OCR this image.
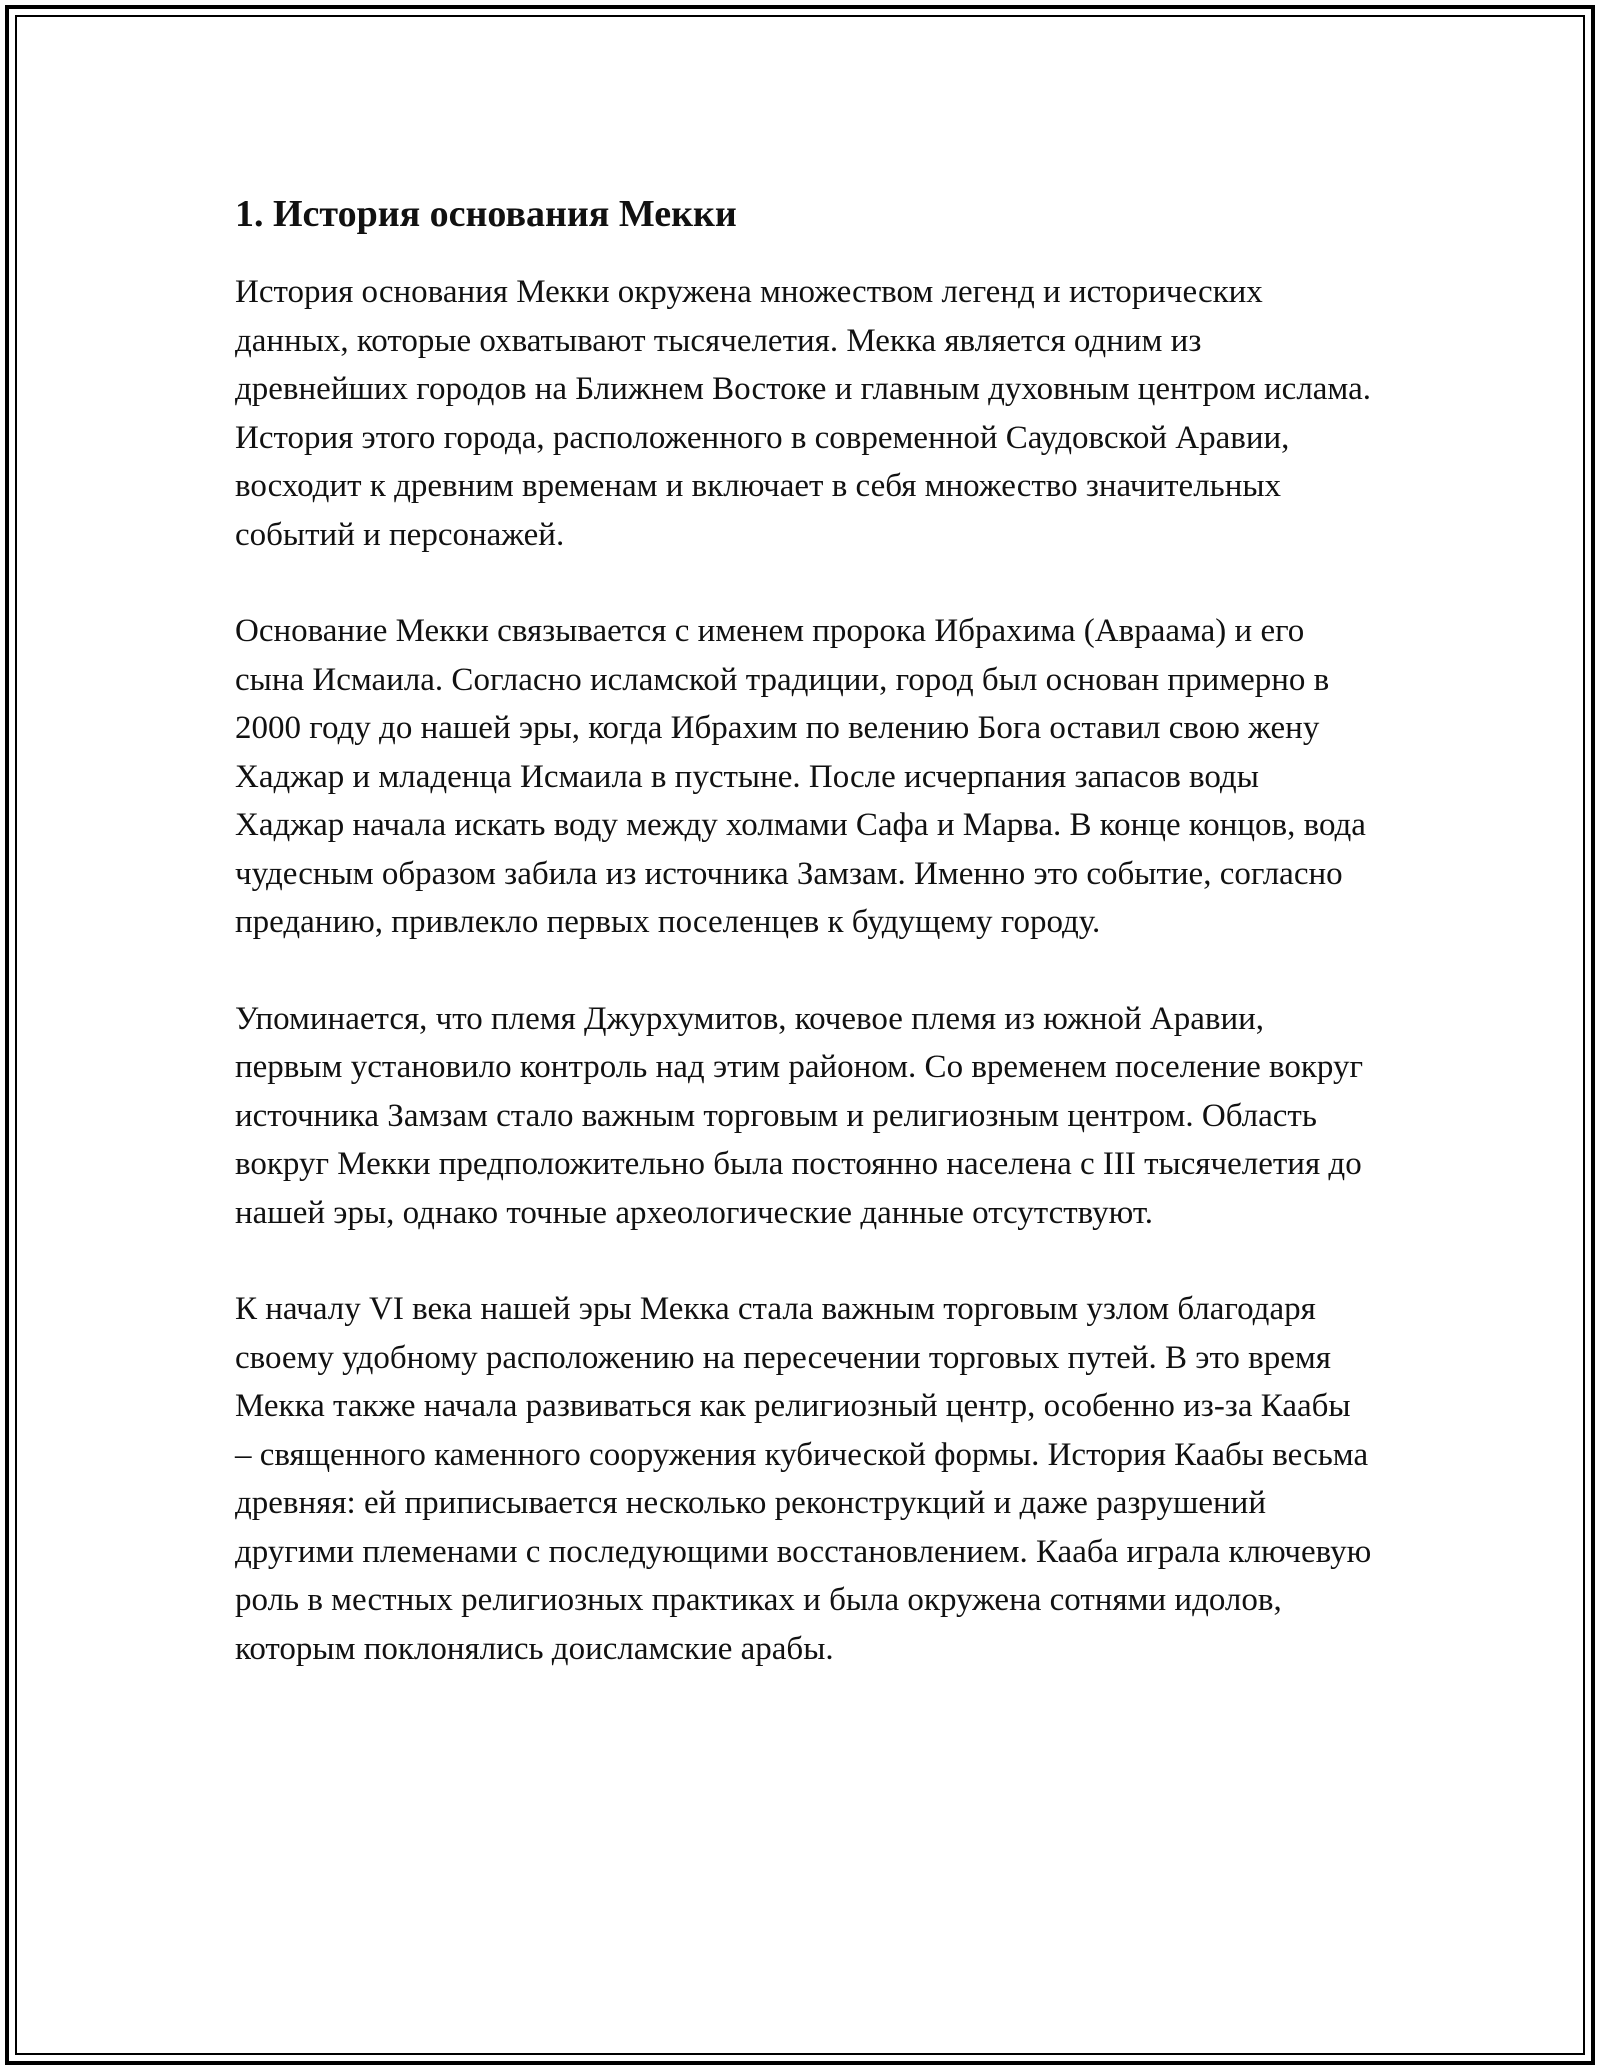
1. История основания Мекки

История основания Мекки окружена множеством легенд и исторических данных, которые охватывают тысячелетия. Мекка является одним из древнейших городов на Ближнем Востоке и главным духовным центром ислама. История этого города, расположенного в современной Саудовской Аравии, восходит к древним временам и включает в себя множество значительных событий и персонажей.

Основание Мекки связывается с именем пророка Ибрахима (Авраама) и его сына Исмаила. Согласно исламской традиции, город был основан примерно в 2000 году до нашей эры, когда Ибрахим по велению Бога оставил свою жену Хаджар и младенца Исмаила в пустыне. После исчерпания запасов воды Хаджар начала искать воду между холмами Сафа и Марва. В конце концов, вода чудесным образом забила из источника Замзам. Именно это событие, согласно преданию, привлекло первых поселенцев к будущему городу.

Упоминается, что племя Джурхумитов, кочевое племя из южной Аравии, первым установило контроль над этим районом. Со временем поселение вокруг источника Замзам стало важным торговым и религиозным центром. Область вокруг Мекки предположительно была постоянно населена с III тысячелетия до нашей эры, однако точные археологические данные отсутствуют.

К началу VI века нашей эры Мекка стала важным торговым узлом благодаря своему удобному расположению на пересечении торговых путей. В это время Мекка также начала развиваться как религиозный центр, особенно из-за Каабы – священного каменного сооружения кубической формы. История Каабы весьма древняя: ей приписывается несколько реконструкций и даже разрушений другими племенами с последующими восстановлением. Кааба играла ключевую роль в местных религиозных практиках и была окружена сотнями идолов, которым поклонялись доисламские арабы.
